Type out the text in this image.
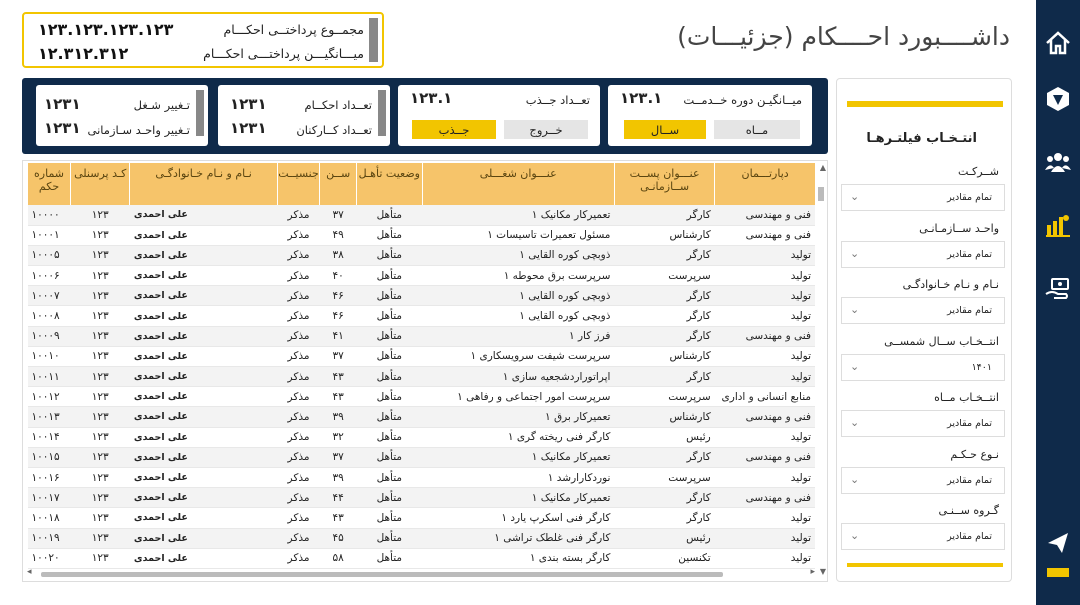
داشــــبورد احــــکام (جزئیـــات)
مجمــوع پرداختــی احکـــام
۱۲۳.۱۲۳.۱۲۳.۱۲۳
میـــانگیـــن پرداختـــی احکـــام
۱۲.۳۱۲.۳۱۲
میــانگیـن دوره خــدمــت
۱۲۳.۱
مــاه
ســال
تعــداد جــذب
۱۲۳.۱
خــروج
جــذب
تعــداد احکــام
۱۲۳۱
تعــداد کــارکنان
۱۲۳۱
تـغییر شـغل
۱۲۳۱
تـغییر واحـد سـازمانی
۱۲۳۱
دپارتـــمان	عنـــوان پســت ســازمانـی	عنـــوان شغـــلی	وضعیت تأهـل	ســن	جنسیــت	نـام و نـام خـانوادگـی	کـد پرسنلی	شماره حکم
فنی و مهندسی	کارگر	تعمیرکار مکانیک ۱	متأهل	۳۷	مذکر	علی احمدی	۱۲۳	۱۰۰۰۰
فنی و مهندسی	کارشناس	مسئول تعمیرات تاسیسات ۱	متأهل	۴۹	مذکر	علی احمدی	۱۲۳	۱۰۰۰۱
تولید	کارگر	ذوبچی کوره القایی ۱	متأهل	۳۸	مذکر	علی احمدی	۱۲۳	۱۰۰۰۵
تولید	سرپرست	سرپرست برق محوطه ۱	متأهل	۴۰	مذکر	علی احمدی	۱۲۳	۱۰۰۰۶
تولید	کارگر	ذوبچی کوره القایی ۱	متأهل	۴۶	مذکر	علی احمدی	۱۲۳	۱۰۰۰۷
تولید	کارگر	ذوبچی کوره القایی ۱	متأهل	۴۶	مذکر	علی احمدی	۱۲۳	۱۰۰۰۸
فنی و مهندسی	کارگر	فرز کار ۱	متأهل	۴۱	مذکر	علی احمدی	۱۲۳	۱۰۰۰۹
تولید	کارشناس	سرپرست شیفت سرویسکاری ۱	متأهل	۳۷	مذکر	علی احمدی	۱۲۳	۱۰۰۱۰
تولید	کارگر	اپراتوراردشجعیه سازی ۱	متأهل	۴۳	مذکر	علی احمدی	۱۲۳	۱۰۰۱۱
منابع انسانی و اداری	سرپرست	سرپرست امور اجتماعی و رفاهی ۱	متأهل	۴۳	مذکر	علی احمدی	۱۲۳	۱۰۰۱۲
فنی و مهندسی	کارشناس	تعمیرکار برق ۱	متأهل	۳۹	مذکر	علی احمدی	۱۲۳	۱۰۰۱۳
تولید	رئیس	کارگر فنی ریخته گری ۱	متأهل	۳۲	مذکر	علی احمدی	۱۲۳	۱۰۰۱۴
فنی و مهندسی	کارگر	تعمیرکار مکانیک ۱	متأهل	۳۷	مذکر	علی احمدی	۱۲۳	۱۰۰۱۵
تولید	سرپرست	نوردکارارشد ۱	متأهل	۳۹	مذکر	علی احمدی	۱۲۳	۱۰۰۱۶
فنی و مهندسی	کارگر	تعمیرکار مکانیک ۱	متأهل	۴۴	مذکر	علی احمدی	۱۲۳	۱۰۰۱۷
تولید	کارگر	کارگر فنی اسکرپ یارد ۱	متأهل	۴۳	مذکر	علی احمدی	۱۲۳	۱۰۰۱۸
تولید	رئیس	کارگر فنی غلطک تراشی ۱	متأهل	۴۵	مذکر	علی احمدی	۱۲۳	۱۰۰۱۹
تولید	تکنسین	کارگر بسته بندی ۱	متأهل	۵۸	مذکر	علی احمدی	۱۲۳	۱۰۰۲۰
▲
▼
◂	▸
انتـخـاب فیلتـرهـا
شــرکـت
تمام مقادیر
⌄
واحـد ســازمـانـی
تمام مقادیر
⌄
نـام و نـام خـانوادگـی
تمام مقادیر
⌄
انتــخـاب ســال شمســی
۱۴۰۱
⌄
انتــخـاب مــاه
تمام مقادیر
⌄
نـوع حـکـم
تمام مقادیر
⌄
گـروه ســنـی
تمام مقادیر
⌄
